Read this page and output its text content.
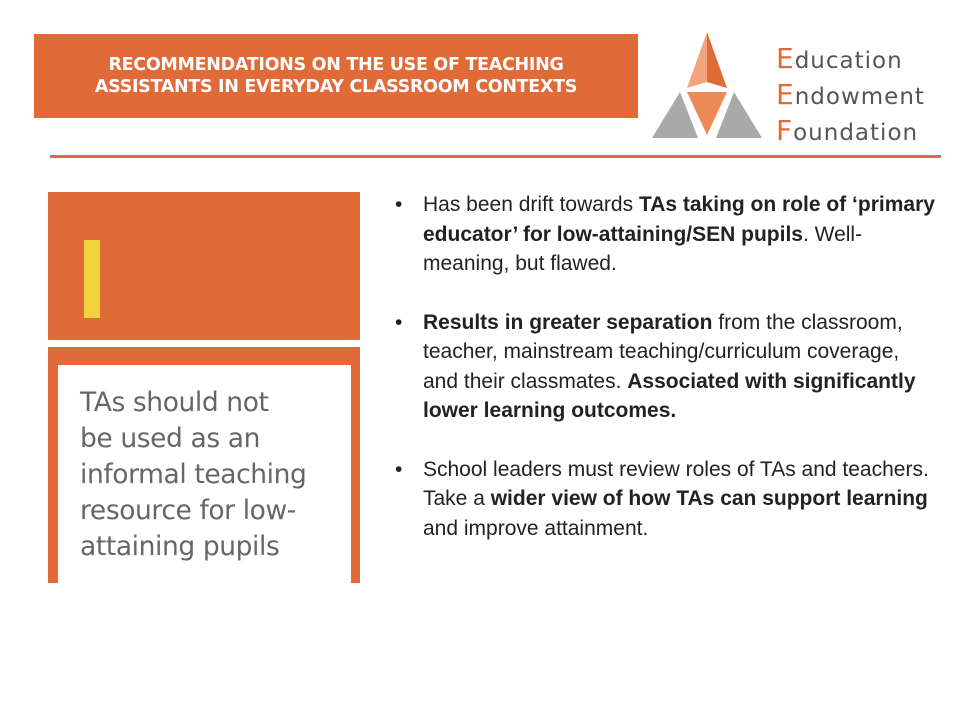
RECOMMENDATIONS ON THE USE OF TEACHING
ASSISTANTS IN EVERYDAY CLASSROOM CONTEXTS
Education
Endowment
Foundation
TAs should not
be used as an
informal teaching
resource for low-
attaining pupils
• Has been drift towards TAs taking on role of ‘primary educator’ for low-attaining/SEN pupils. Well-meaning, but flawed.
• Results in greater separation from the classroom, teacher, mainstream teaching/curriculum coverage, and their classmates. Associated with significantly lower learning outcomes.
• School leaders must review roles of TAs and teachers. Take a wider view of how TAs can support learning and improve attainment.
